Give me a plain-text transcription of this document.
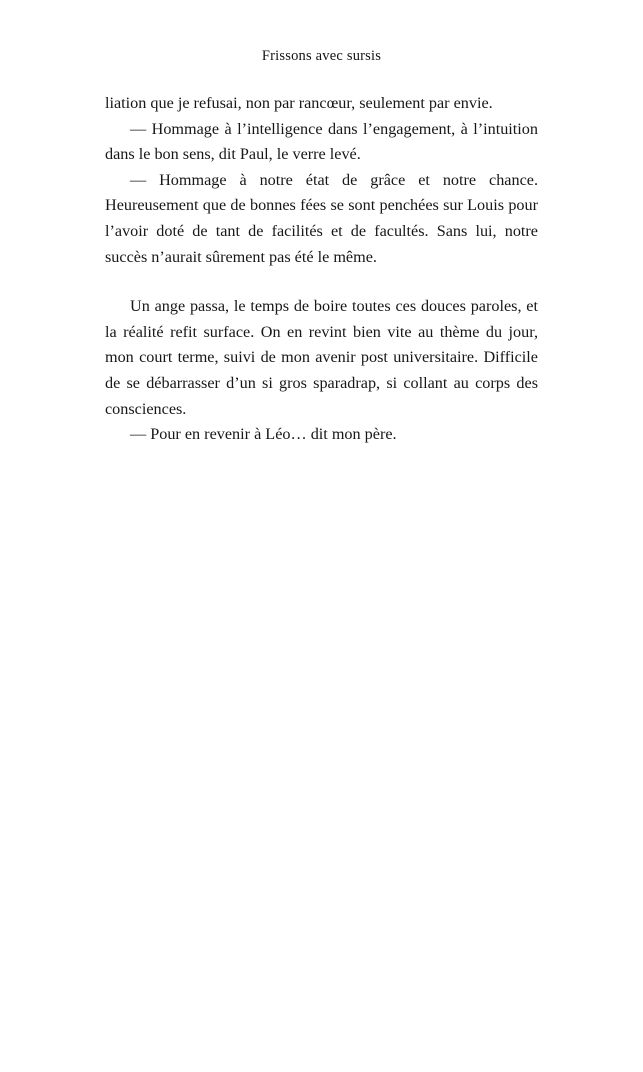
Frissons avec sursis

liation que je refusai, non par rancœur, seulement par envie.

— Hommage à l’intelligence dans l’engagement, à l’intuition dans le bon sens, dit Paul, le verre levé.

— Hommage à notre état de grâce et notre chance. Heureusement que de bonnes fées se sont penchées sur Louis pour l’avoir doté de tant de facilités et de facultés. Sans lui, notre succès n’aurait sûrement pas été le même.

Un ange passa, le temps de boire toutes ces douces paroles, et la réalité refit surface. On en revint bien vite au thème du jour, mon court terme, suivi de mon avenir post universitaire. Difficile de se débarrasser d’un si gros sparadrap, si collant au corps des consciences.

— Pour en revenir à Léo… dit mon père.
